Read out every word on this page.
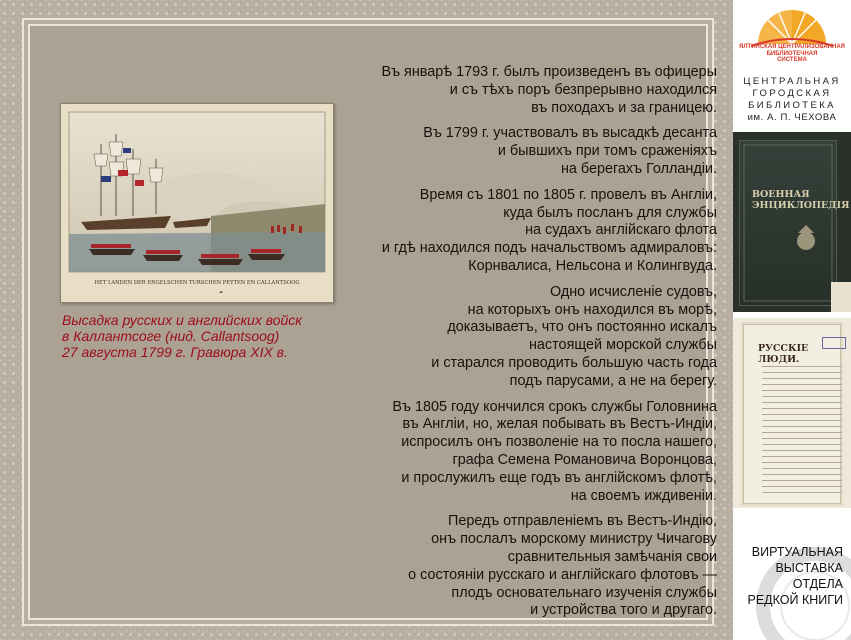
HET LANDEN DER ENGELSCHEN TURSCHEN PEYTEN EN CALLANTSOOG
✒
Высадка русских и английских войск
в Каллантсоге (нид. Callantsoog)
27 августа 1799 г. Гравюра XIX в.

Въ январѣ 1793 г. былъ произведенъ въ офицеры
и съ тѣхъ поръ безпрерывно находился
въ походахъ и за границею.

Въ 1799 г. участвовалъ въ высадкѣ десанта
и бывшихъ при томъ сраженіяхъ
на берегахъ Голландіи.

Время съ 1801 по 1805 г. провелъ въ Англіи,
куда былъ посланъ для службы
на судахъ англійскаго флота
и гдѣ находился подъ начальствомъ адмираловъ:
Корнвалиса, Нельсона и Колингвуда.

Одно исчисленіе судовъ,
на которыхъ онъ находился въ морѣ,
доказываетъ, что онъ постоянно искалъ
настоящей морской службы
и старался проводить большую часть года
подъ парусами, а не на берегу.

Въ 1805 году кончился срокъ службы Головнина
въ Англіи, но, желая побывать въ Вестъ-Индіи,
испросилъ онъ позволеніе на то посла нашего,
графа Семена Романовича Воронцова,
и прослужилъ еще годъ въ англійскомъ флотѣ,
на своемъ иждивеніи.

Передъ отправленіемъ въ Вестъ-Индію,
онъ послалъ морскому министру Чичагову
сравнительныя замѣчанія свои
о состояніи русскаго и англійскаго флотовъ —
плодъ основательнаго изученія службы
и устройства того и другаго.

ЯЛТИНСКАЯ ЦЕНТРАЛИЗОВАННАЯ
БИБЛИОТЕЧНАЯ
СИСТЕМА
ЦЕНТРАЛЬНАЯ
ГОРОДСКАЯ
БИБЛИОТЕКА
им. А. П. ЧЕХОВА
ВОЕННАЯ
ЭНЦИКЛОПЕДІЯ
РУССКІЕ ЛЮДИ.
ВИРТУАЛЬНАЯ
ВЫСТАВКА
ОТДЕЛА
РЕДКОЙ КНИГИ
